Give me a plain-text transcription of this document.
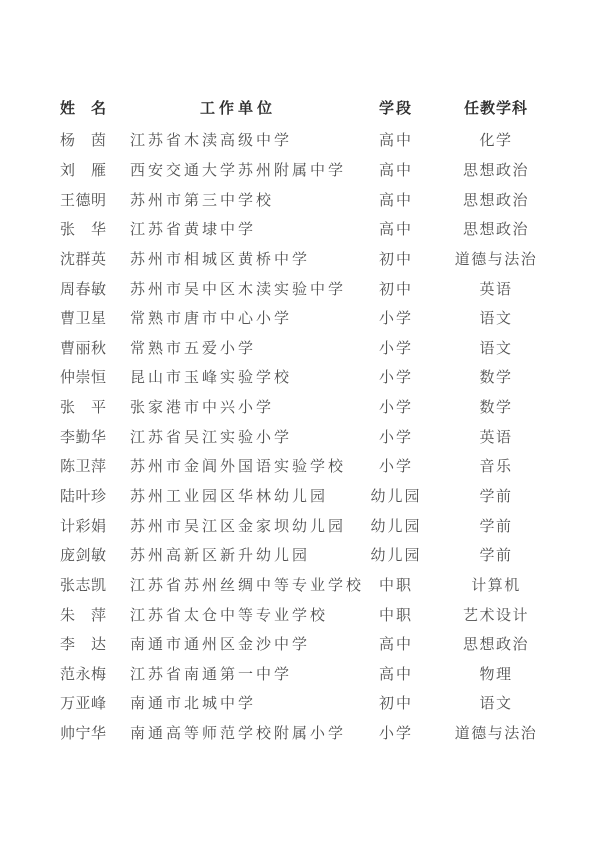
姓名	工作单位	学段	任教学科
杨茵 江苏省木渎高级中学	高中	化学
刘雁 西安交通大学苏州附属中学	高中	思想政治
王德明 苏州市第三中学校	高中	思想政治
张华 江苏省黄埭中学	高中	思想政治
沈群英 苏州市相城区黄桥中学	初中	道德与法治
周春敏 苏州市吴中区木渎实验中学	初中	英语
曹卫星 常熟市唐市中心小学	小学	语文
曹丽秋 常熟市五爱小学	小学	语文
仲崇恒 昆山市玉峰实验学校	小学	数学
张平 张家港市中兴小学	小学	数学
李勤华 江苏省吴江实验小学	小学	英语
陈卫萍 苏州市金阊外国语实验学校	小学	音乐
陆叶珍 苏州工业园区华林幼儿园	幼儿园	学前
计彩娟 苏州市吴江区金家坝幼儿园	幼儿园	学前
庞剑敏 苏州高新区新升幼儿园	幼儿园	学前
张志凯 江苏省苏州丝绸中等专业学校 中职	计算机
朱萍 江苏省太仓中等专业学校	中职	艺术设计
李达 南通市通州区金沙中学	高中	思想政治
范永梅 江苏省南通第一中学	高中	物理
万亚峰 南通市北城中学	初中	语文
帅宁华 南通高等师范学校附属小学	小学	道德与法治
